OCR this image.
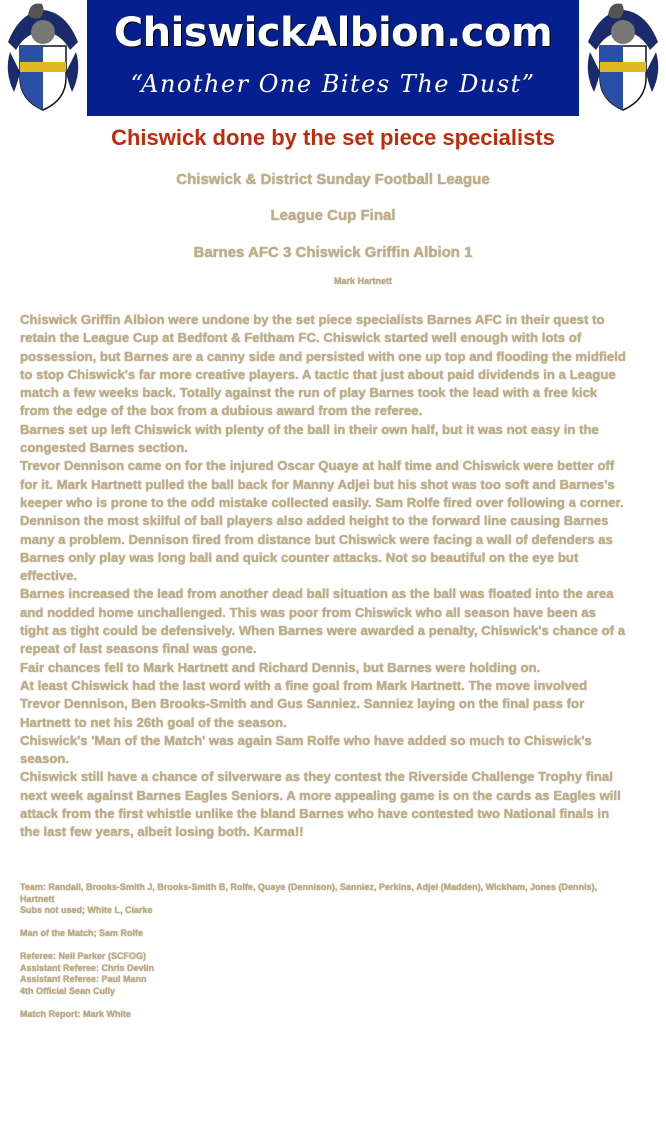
ChiswickAlbion.com
“Another One Bites The Dust”
Chiswick done by the set piece specialists
Chiswick & District Sunday Football League
League Cup Final
Barnes AFC 3 Chiswick Griffin Albion 1
Mark Hartnett

Chiswick Griffin Albion were undone by the set piece specialists Barnes AFC in their quest to retain the League Cup at Bedfont & Feltham FC. Chiswick started well enough with lots of possession, but Barnes are a canny side and persisted with one up top and flooding the midfield to stop Chiswick's far more creative players. A tactic that just about paid dividends in a League match a few weeks back. Totally against the run of play Barnes took the lead with a free kick from the edge of the box from a dubious award from the referee.

Barnes set up left Chiswick with plenty of the ball in their own half, but it was not easy in the congested Barnes section.

Trevor Dennison came on for the injured Oscar Quaye at half time and Chiswick were better off for it. Mark Hartnett pulled the ball back for Manny Adjei but his shot was too soft and Barnes's keeper who is prone to the odd mistake collected easily. Sam Rolfe fired over following a corner. Dennison the most skilful of ball players also added height to the forward line causing Barnes many a problem. Dennison fired from distance but Chiswick were facing a wall of defenders as Barnes only play was long ball and quick counter attacks. Not so beautiful on the eye but effective.

Barnes increased the lead from another dead ball situation as the ball was floated into the area and nodded home unchallenged. This was poor from Chiswick who all season have been as tight as tight could be defensively. When Barnes were awarded a penalty, Chiswick's chance of a repeat of last seasons final was gone.

Fair chances fell to Mark Hartnett and Richard Dennis, but Barnes were holding on.

At least Chiswick had the last word with a fine goal from Mark Hartnett. The move involved Trevor Dennison, Ben Brooks-Smith and Gus Sanniez. Sanniez laying on the final pass for Hartnett to net his 26th goal of the season.

Chiswick's 'Man of the Match' was again Sam Rolfe who have added so much to Chiswick's season.

Chiswick still have a chance of silverware as they contest the Riverside Challenge Trophy final next week against Barnes Eagles Seniors. A more appealing game is on the cards as Eagles will attack from the first whistle unlike the bland Barnes who have contested two National finals in the last few years, albeit losing both. Karma!!

Team: Randall, Brooks-Smith J, Brooks-Smith B, Rolfe, Quaye (Dennison), Sanniez, Perkins, Adjei (Madden), Wickham, Jones (Dennis), Hartnett

Subs not used; White L, Clarke

Man of the Match; Sam Rolfe

Referee: Neil Parker (SCFOG)

Assistant Referee: Chris Devlin

Assistant Referee: Paul Mann

4th Official Sean Cully

Match Report: Mark White
